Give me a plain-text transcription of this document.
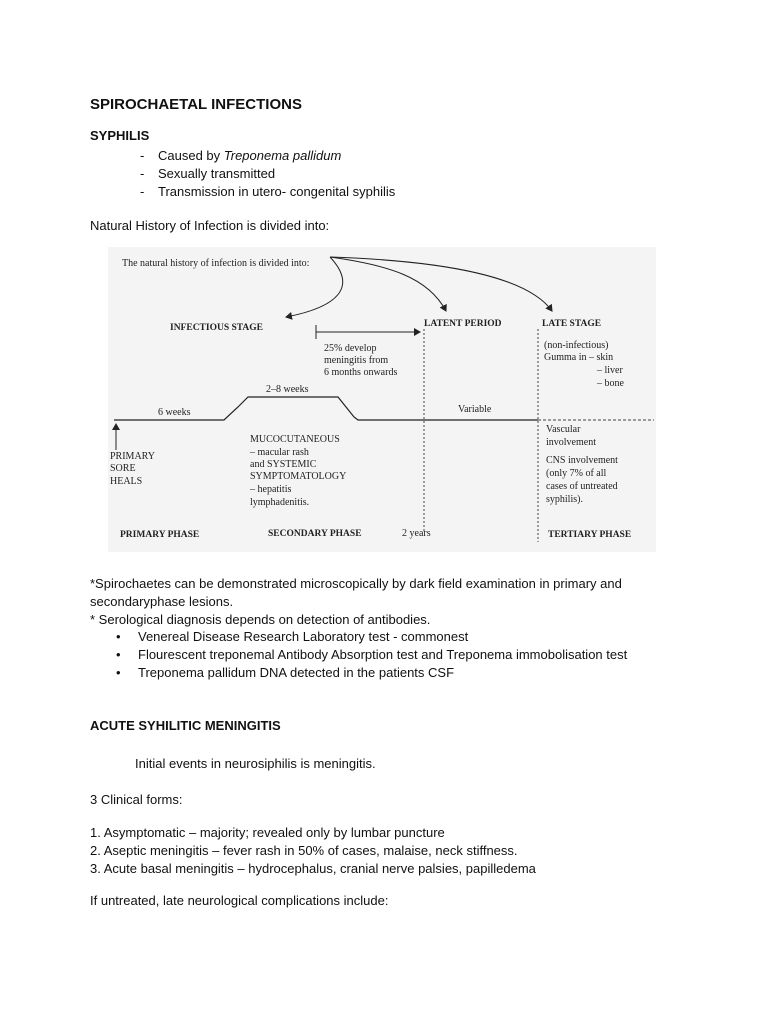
SPIROCHAETAL INFECTIONS
SYPHILIS
- Caused by Treponema pallidum
- Sexually transmitted
- Transmission in utero- congenital syphilis
Natural History of Infection is divided into:
The natural history of infection is divided into:
INFECTIOUS STAGE	LATENT PERIOD	LATE STAGE
25% develop
meningitis from
6 months onwards
(non-infectious)
Gumma in – skin
– liver
– bone
6 weeks
2–8 weeks
Variable
PRIMARY
SORE
HEALS
MUCOCUTANEOUS
– macular rash
and SYSTEMIC
SYMPTOMATOLOGY
– hepatitis
lymphadenitis.
Vascular
involvement
CNS involvement
(only 7% of all
cases of untreated
syphilis).
PRIMARY PHASE	SECONDARY PHASE	2 years	TERTIARY PHASE
*Spirochaetes can be demonstrated microscopically by dark field examination in primary and
secondaryphase lesions.
* Serological diagnosis depends on detection of antibodies.
• Venereal Disease Research Laboratory test - commonest
• Flourescent treponemal Antibody Absorption test and Treponema immobolisation test
• Treponema pallidum DNA detected in the patients CSF
ACUTE SYHILITIC MENINGITIS
Initial events in neurosiphilis is meningitis.
3 Clinical forms:
1. Asymptomatic – majority; revealed only by lumbar puncture
2. Aseptic meningitis – fever rash in 50% of cases, malaise, neck stiffness.
3. Acute basal meningitis – hydrocephalus, cranial nerve palsies, papilledema
If untreated, late neurological complications include:
